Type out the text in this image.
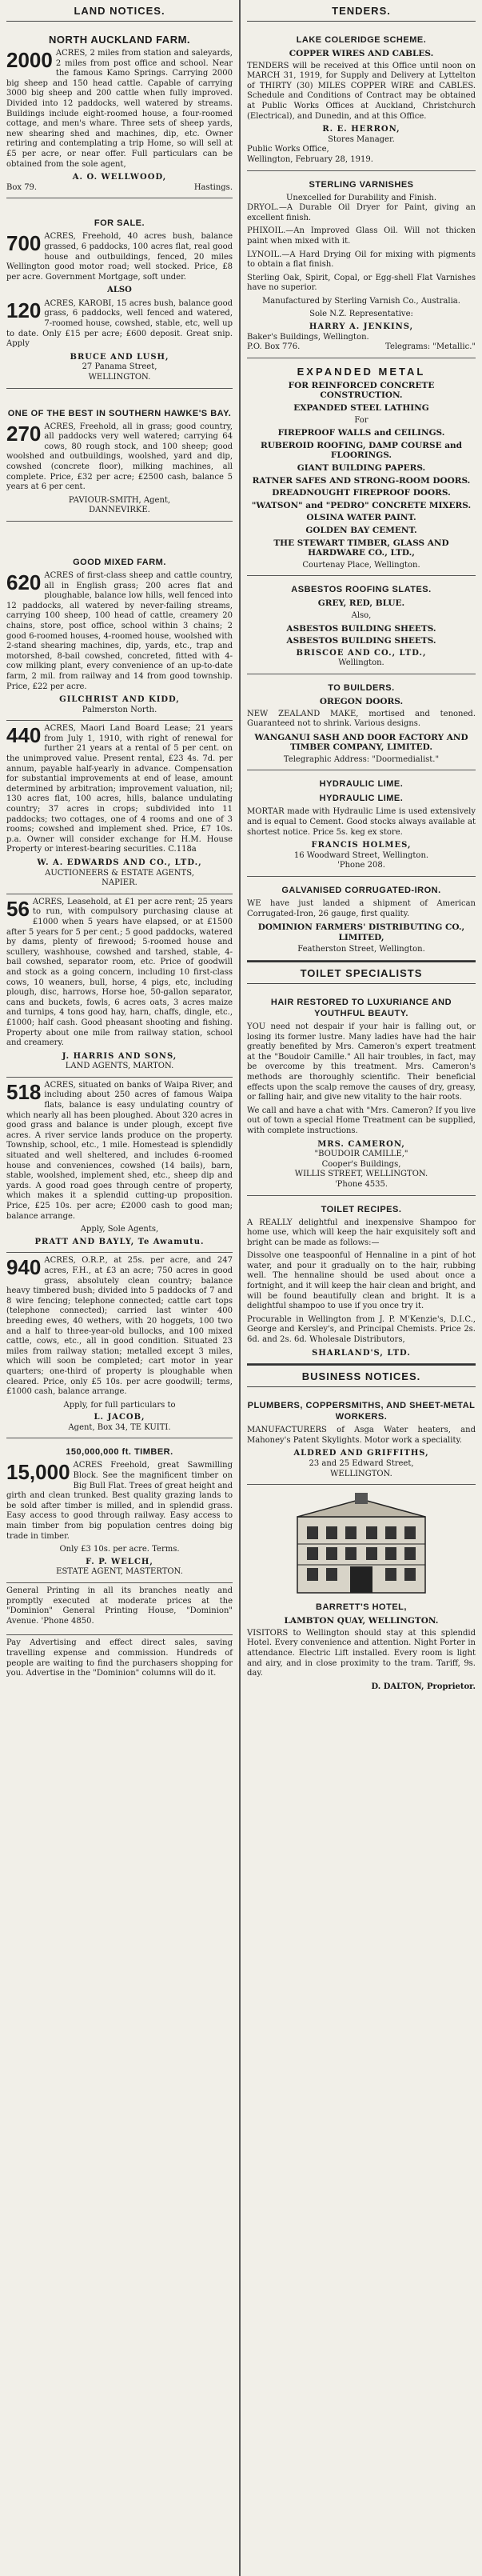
LAND NOTICES.
NORTH AUCKLAND FARM.

2000 ACRES, 2 miles from station and saleyards, 2 miles from post office and school. Near the famous Kamo Springs. Carrying 2000 big sheep and 150 head cattle. Capable of carrying 3000 big sheep and 200 cattle when fully improved. Divided into 12 paddocks, well watered by streams. Buildings include eight-roomed house, a four-roomed cottage, and men's whare. Three sets of sheep yards, new shearing shed and machines, dip, etc. Owner retiring and contemplating a trip Home, so will sell at £5 per acre, or near offer. Full particulars can be obtained from the sole agent,

A. O. WELLWOOD,
Box 79.	Hastings.
FOR SALE.

700 ACRES, Freehold, 40 acres bush, balance grassed, 6 paddocks, 100 acres flat, real good house and outbuildings, fenced, 20 miles Wellington good motor road; well stocked. Price, £8 per acre. Government Mortgage, soft under.

ALSO

120 ACRES, KAROBI, 15 acres bush, balance good grass, 6 paddocks, well fenced and watered, 7-roomed house, cowshed, stable, etc, well up to date. Only £15 per acre; £600 deposit. Great snip. Apply

BRUCE AND LUSH,
27 Panama Street,
WELLINGTON.
ONE OF THE BEST IN SOUTHERN HAWKE'S BAY.

270 ACRES, Freehold, all in grass; good country, all paddocks very well watered; carrying 64 cows, 80 rough stock, and 100 sheep; good woolshed and outbuildings, woolshed, yard and dip, cowshed (concrete floor), milking machines, all complete. Price, £32 per acre; £2500 cash, balance 5 years at 6 per cent.

PAVIOUR-SMITH, Agent,
DANNEVIRKE.
GOOD MIXED FARM.

620 ACRES of first-class sheep and cattle country, all in English grass; 200 acres flat and ploughable, balance low hills, well fenced into 12 paddocks, all watered by never-failing streams, carrying 100 sheep, 100 head of cattle, creamery 20 chains, store, post office, school within 3 chains; 2 good 6-roomed houses, 4-roomed house, woolshed with 2-stand shearing machines, dip, yards, etc., trap and motorshed, 8-bail cowshed, concreted, fitted with 4-cow milking plant, every convenience of an up-to-date farm, 2 mil. from railway and 14 from good township. Price, £22 per acre.

GILCHRIST AND KIDD,
Palmerston North.

440 ACRES, Maori Land Board Lease; 21 years from July 1, 1910, with right of renewal for further 21 years at a rental of 5 per cent. on the unimproved value. Present rental, £23 4s. 7d. per annum, payable half-yearly in advance. Compensation for substantial improvements at end of lease, amount determined by arbitration; improvement valuation, nil; 130 acres flat, 100 acres, hills, balance undulating country; 37 acres in crops; subdivided into 11 paddocks; two cottages, one of 4 rooms and one of 3 rooms; cowshed and implement shed. Price, £7 10s. p.a. Owner will consider exchange for H.M. House Property or interest-bearing securities. C.118a

W. A. EDWARDS AND CO., LTD.,
AUCTIONEERS & ESTATE AGENTS,
NAPIER.

56 ACRES, Leasehold, at £1 per acre rent; 25 years to run, with compulsory purchasing clause at £1000 when 5 years have elapsed, or at £1500 after 5 years for 5 per cent.; 5 good paddocks, watered by dams, plenty of firewood; 5-roomed house and scullery, washhouse, cowshed and tarshed, stable, 4-bail cowshed, separator room, etc. Price of goodwill and stock as a going concern, including 10 first-class cows, 10 weaners, bull, horse, 4 pigs, etc, including plough, disc, harrows, Horse hoe, 50-gallon separator, cans and buckets, fowls, 6 acres oats, 3 acres maize and turnips, 4 tons good hay, harn, chaffs, dingle, etc., £1000; half cash. Good pheasant shooting and fishing. Property about one mile from railway station, school and creamery.

J. HARRIS AND SONS,
LAND AGENTS, MARTON.

518 ACRES, situated on banks of Waipa River, and including about 250 acres of famous Waipa flats, balance is easy undulating country of which nearly all has been ploughed. About 320 acres in good grass and balance is under plough, except five acres. A river service lands produce on the property. Township, school, etc., 1 mile. Homestead is splendidly situated and well sheltered, and includes 6-roomed house and conveniences, cowshed (14 bails), barn, stable, woolshed, implement shed, etc., sheep dip and yards. A good road goes through centre of property, which makes it a splendid cutting-up proposition. Price, £25 10s. per acre; £2000 cash to good man; balance arrange.

Apply, Sole Agents,
PRATT AND BAYLY, Te Awamutu.

940 ACRES, O.R.P., at 25s. per acre, and 247 acres, F.H., at £3 an acre; 750 acres in good grass, absolutely clean country; balance heavy timbered bush; divided into 5 paddocks of 7 and 8 wire fencing; telephone connected; cattle cart tops (telephone connected); carried last winter 400 breeding ewes, 40 wethers, with 20 hoggets, 100 two and a half to three-year-old bullocks, and 100 mixed cattle, cows, etc., all in good condition. Situated 23 miles from railway station; metalled except 3 miles, which will soon be completed; cart motor in year quarters; one-third of property is ploughable when cleared. Price, only £5 10s. per acre goodwill; terms, £1000 cash, balance arrange.

Apply, for full particulars to
L. JACOB,
Agent, Box 34, TE KUITI.
150,000,000 ft. TIMBER.

15,000 ACRES Freehold, great Sawmilling Block. See the magnificent timber on Big Bull Flat. Trees of great height and girth and clean trunked. Best quality grazing lands to be sold after timber is milled, and in splendid grass. Easy access to good through railway. Easy access to main timber from big population centres doing big trade in timber.

Only £3 10s. per acre. Terms.
F. P. WELCH,
ESTATE AGENT, MASTERTON.

General Printing in all its branches neatly and promptly executed at moderate prices at the "Dominion" General Printing House, "Dominion" Avenue. 'Phone 4850.

Pay Advertising and effect direct sales, saving travelling expense and commission. Hundreds of people are waiting to find the purchasers shopping for you. Advertise in the "Dominion" columns will do it.

TENDERS.
LAKE COLERIDGE SCHEME.
COPPER WIRES AND CABLES.

TENDERS will be received at this Office until noon on MARCH 31, 1919, for Supply and Delivery at Lyttelton of THIRTY (30) MILES COPPER WIRE and CABLES. Schedule and Conditions of Contract may be obtained at Public Works Offices at Auckland, Christchurch (Electrical), and Dunedin, and at this Office.

R. E. HERRON,
Stores Manager.
Public Works Office,
Wellington, February 28, 1919.
STERLING VARNISHES
Unexcelled for Durability and Finish.

DRYOL.—A Durable Oil Dryer for Paint, giving an excellent finish.

PHIXOIL.—An Improved Glass Oil. Will not thicken paint when mixed with it.

LYNOIL.—A Hard Drying Oil for mixing with pigments to obtain a flat finish.

Sterling Oak, Spirit, Copal, or Egg-shell Flat Varnishes have no superior.

Manufactured by Sterling Varnish Co., Australia.

Sole N.Z. Representative:
HARRY A. JENKINS,
Baker's Buildings, Wellington.
P.O. Box 776.	Telegrams: "Metallic."
EXPANDED METAL
FOR REINFORCED CONCRETE CONSTRUCTION.
EXPANDED STEEL LATHING
For
FIREPROOF WALLS and CEILINGS.
RUBEROID ROOFING, DAMP COURSE and FLOORINGS.
GIANT BUILDING PAPERS.
RATNER SAFES AND STRONG-ROOM DOORS.
DREADNOUGHT FIREPROOF DOORS.
"WATSON" and "PEDRO" CONCRETE MIXERS.
OLSINA WATER PAINT.
GOLDEN BAY CEMENT.
THE STEWART TIMBER, GLASS AND HARDWARE CO., LTD.,
Courtenay Place, Wellington.
ASBESTOS ROOFING SLATES.
GREY, RED, BLUE.
Also,
ASBESTOS BUILDING SHEETS.
ASBESTOS BUILDING SHEETS.
BRISCOE AND CO., LTD.,
Wellington.
TO BUILDERS.
OREGON DOORS.

NEW ZEALAND MAKE, mortised and tenoned. Guaranteed not to shrink. Various designs.

WANGANUI SASH AND DOOR FACTORY AND TIMBER COMPANY, LIMITED.
Telegraphic Address: "Doormedialist."
HYDRAULIC LIME.
HYDRAULIC LIME.

MORTAR made with Hydraulic Lime is used extensively and is equal to Cement. Good stocks always available at shortest notice. Price 5s. keg ex store.

FRANCIS HOLMES,
16 Woodward Street, Wellington.
'Phone 208.
GALVANISED CORRUGATED-IRON.

WE have just landed a shipment of American Corrugated-Iron, 26 gauge, first quality.

DOMINION FARMERS' DISTRIBUTING CO., LIMITED,
Featherston Street, Wellington.
TOILET SPECIALISTS
HAIR RESTORED TO LUXURIANCE AND YOUTHFUL BEAUTY.

YOU need not despair if your hair is falling out, or losing its former lustre. Many ladies have had the hair greatly benefited by Mrs. Cameron's expert treatment at the "Boudoir Camille." All hair troubles, in fact, may be overcome by this treatment. Mrs. Cameron's methods are thoroughly scientific. Their beneficial effects upon the scalp remove the causes of dry, greasy, or falling hair, and give new vitality to the hair roots.

We call and have a chat with "Mrs. Cameron? If you live out of town a special Home Treatment can be supplied, with complete instructions.

MRS. CAMERON,
"BOUDOIR CAMILLE,"
Cooper's Buildings,
WILLIS STREET, WELLINGTON.
'Phone 4535.
TOILET RECIPES.

A REALLY delightful and inexpensive Shampoo for home use, which will keep the hair exquisitely soft and bright can be made as follows:—

Dissolve one teaspoonful of Hennaline in a pint of hot water, and pour it gradually on to the hair, rubbing well. The hennaline should be used about once a fortnight, and it will keep the hair clean and bright, and will be found beautifully clean and bright. It is a delightful shampoo to use if you once try it.

Procurable in Wellington from J. P. M'Kenzie's, D.I.C., George and Kersley's, and Principal Chemists. Price 2s. 6d. and 2s. 6d. Wholesale Distributors,

SHARLAND'S, LTD.
BUSINESS NOTICES.
PLUMBERS, COPPERSMITHS, AND SHEET-METAL WORKERS.

MANUFACTURERS of Asga Water heaters, and Mahoney's Patent Skylights. Motor work a speciality.

ALDRED AND GRIFFITHS,
23 and 25 Edward Street,
WELLINGTON.
BARRETT'S HOTEL,
LAMBTON QUAY, WELLINGTON.

VISITORS to Wellington should stay at this splendid Hotel. Every convenience and attention. Night Porter in attendance. Electric Lift installed. Every room is light and airy, and in close proximity to the tram. Tariff, 9s. day.

D. DALTON, Proprietor.
